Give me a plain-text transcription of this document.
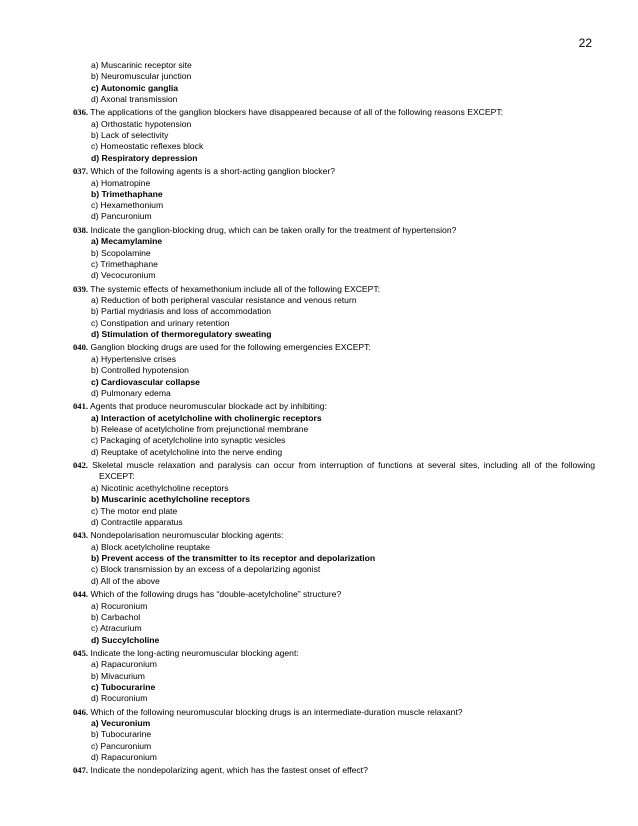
22
a) Muscarinic receptor site
b) Neuromuscular junction
c) Autonomic ganglia
d) Axonal transmission
036. The applications of the ganglion blockers have disappeared because of all of the following reasons EXCEPT:
a) Orthostatic hypotension
b) Lack of selectivity
c) Homeostatic reflexes block
d) Respiratory depression
037. Which of the following agents is a short-acting ganglion blocker?
a) Homatropine
b) Trimethaphane
c) Hexamethonium
d) Pancuronium
038. Indicate the ganglion-blocking drug, which can be taken orally for the treatment of hypertension?
a) Mecamylamine
b) Scopolamine
c) Trimethaphane
d) Vecocuronium
039. The systemic effects of hexamethonium include all of the following EXCEPT:
a) Reduction of both peripheral vascular resistance and venous return
b) Partial mydriasis and loss of accommodation
c) Constipation and urinary retention
d) Stimulation of thermoregulatory sweating
040. Ganglion blocking drugs are used for the following emergencies EXCEPT:
a) Hypertensive crises
b) Controlled hypotension
c) Cardiovascular collapse
d) Pulmonary edema
041. Agents that produce neuromuscular blockade act by inhibiting:
a) Interaction of acetylcholine with cholinergic receptors
b) Release of acetylcholine from prejunctional membrane
c) Packaging of acetylcholine into synaptic vesicles
d) Reuptake of acetylcholine into the nerve ending
042. Skeletal muscle relaxation and paralysis can occur from interruption of functions at several sites, including all of the following EXCEPT:
a) Nicotinic acethylcholine receptors
b) Muscarinic acethylcholine receptors
c) The motor end plate
d) Contractile apparatus
043. Nondepolarisation neuromuscular blocking agents:
a) Block acetylcholine reuptake
b) Prevent access of the transmitter to its receptor and depolarization
c) Block transmission by an excess of a depolarizing agonist
d) All of the above
044. Which of the following drugs has “double-acetylcholine” structure?
a) Rocuronium
b) Carbachol
c) Atracurium
d) Succylcholine
045. Indicate the long-acting neuromuscular blocking agent:
a) Rapacuronium
b) Mivacurium
c) Tubocurarine
d) Rocuronium
046. Which of the following neuromuscular blocking drugs is an intermediate-duration muscle relaxant?
a) Vecuronium
b) Tubocurarine
c) Pancuronium
d) Rapacuronium
047. Indicate the nondepolarizing agent, which has the fastest onset of effect?
